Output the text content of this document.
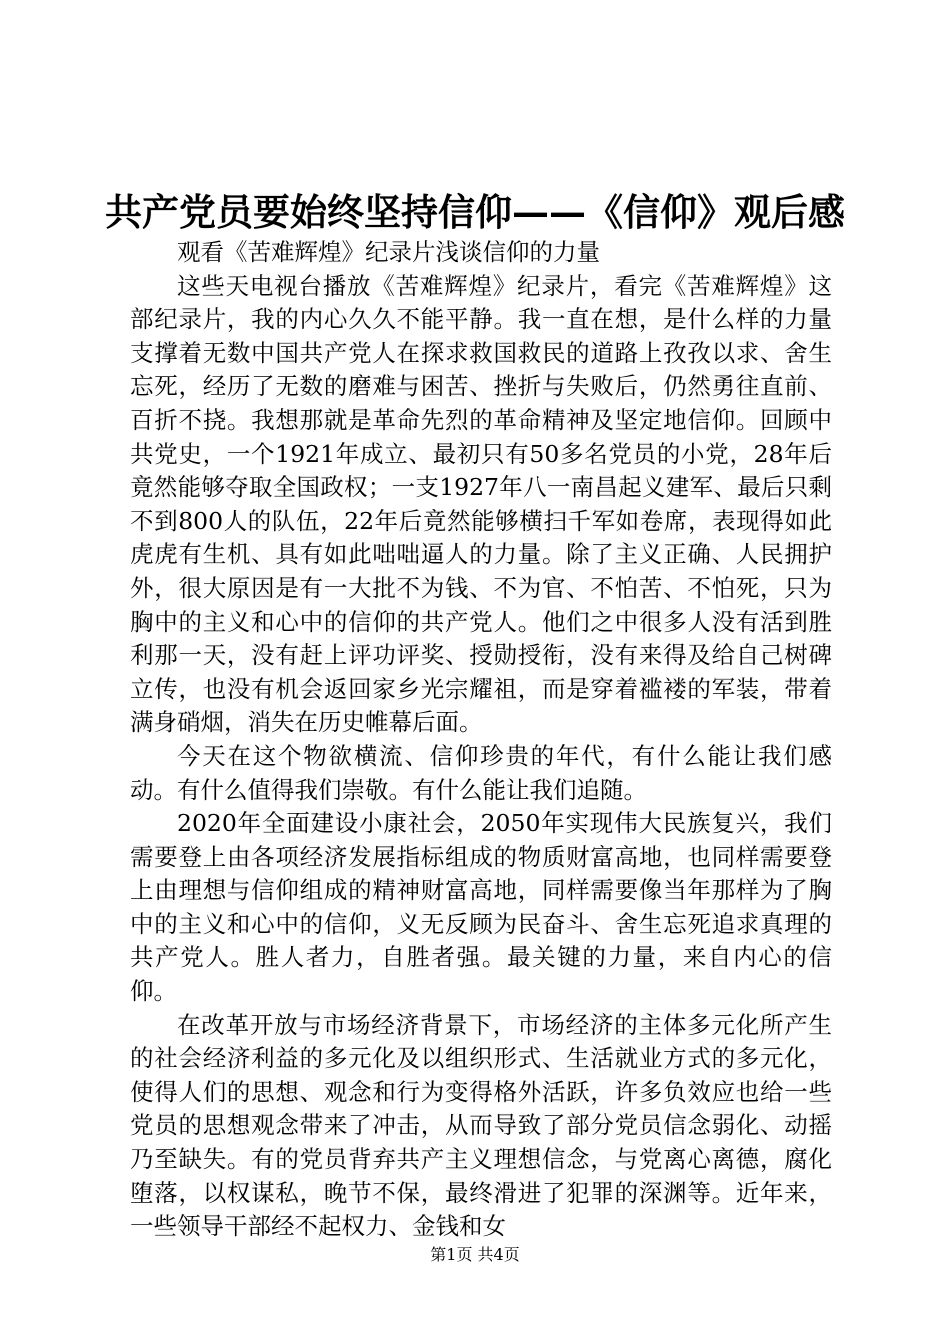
共产党员要始终坚持信仰——《信仰》观后感

观看《苦难辉煌》纪录片浅谈信仰的力量

这些天电视台播放《苦难辉煌》纪录片，看完《苦难辉煌》这部纪录片，我的内心久久不能平静。我一直在想，是什么样的力量支撑着无数中国共产党人在探求救国救民的道路上孜孜以求、舍生忘死，经历了无数的磨难与困苦、挫折与失败后，仍然勇往直前、百折不挠。我想那就是革命先烈的革命精神及坚定地信仰。回顾中共党史，一个1921年成立、最初只有50多名党员的小党，28年后竟然能够夺取全国政权；一支1927年八一南昌起义建军、最后只剩不到800人的队伍，22年后竟然能够横扫千军如卷席，表现得如此虎虎有生机、具有如此咄咄逼人的力量。除了主义正确、人民拥护外，很大原因是有一大批不为钱、不为官、不怕苦、不怕死，只为胸中的主义和心中的信仰的共产党人。他们之中很多人没有活到胜利那一天，没有赶上评功评奖、授勋授衔，没有来得及给自己树碑立传，也没有机会返回家乡光宗耀祖，而是穿着褴褛的军装，带着满身硝烟，消失在历史帷幕后面。

今天在这个物欲横流、信仰珍贵的年代，有什么能让我们感动。有什么值得我们崇敬。有什么能让我们追随。

2020年全面建设小康社会，2050年实现伟大民族复兴，我们需要登上由各项经济发展指标组成的物质财富高地，也同样需要登上由理想与信仰组成的精神财富高地，同样需要像当年那样为了胸中的主义和心中的信仰，义无反顾为民奋斗、舍生忘死追求真理的共产党人。胜人者力，自胜者强。最关键的力量，来自内心的信仰。

在改革开放与市场经济背景下，市场经济的主体多元化所产生的社会经济利益的多元化及以组织形式、生活就业方式的多元化，使得人们的思想、观念和行为变得格外活跃，许多负效应也给一些党员的思想观念带来了冲击，从而导致了部分党员信念弱化、动摇乃至缺失。有的党员背弃共产主义理想信念，与党离心离德，腐化堕落，以权谋私，晚节不保，最终滑进了犯罪的深渊等。近年来，一些领导干部经不起权力、金钱和女

第1页 共4页
